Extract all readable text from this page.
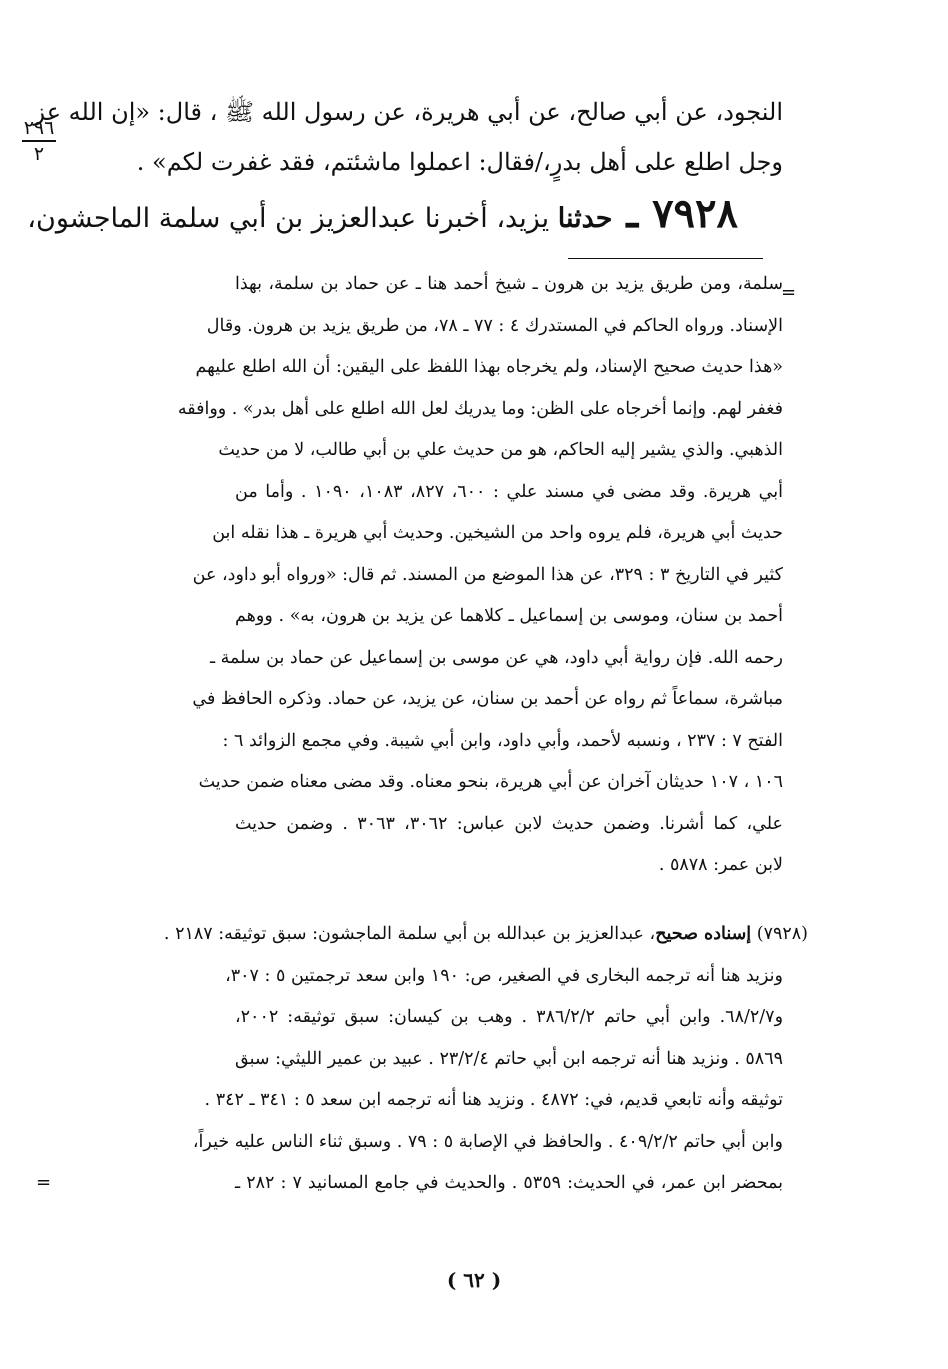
٢٩٦
٢
النجود، عن أبي صالح، عن أبي هريرة، عن رسول الله ﷺ ، قال: «إن الله عز
وجل اطلع على أهل بدرٍ،/فقال: اعملوا ماشئتم، فقد غفرت لكم» .
٧٩٢٨ ـ حدثنا يزيد، أخبرنا عبدالعزيز بن أبي سلمة الماجشون،
=
سلمة، ومن طريق يزيد بن هرون ـ شيخ أحمد هنا ـ عن حماد بن سلمة، بهذا
الإسناد. ورواه الحاكم في المستدرك ٤ : ٧٧ ـ ٧٨، من طريق يزيد بن هرون. وقال
«هذا حديث صحيح الإسناد، ولم يخرجاه بهذا اللفظ على اليقين: أن الله اطلع عليهم
فغفر لهم. وإنما أخرجاه على الظن: وما يدريك لعل الله اطلع على أهل بدر» . ووافقه
الذهبي. والذي يشير إليه الحاكم، هو من حديث علي بن أبي طالب، لا من حديث
أبي هريرة. وقد مضى في مسند علي : ٦٠٠، ٨٢٧، ١٠٨٣، ١٠٩٠ . وأما من
حديث أبي هريرة، فلم يروه واحد من الشيخين. وحديث أبي هريرة ـ هذا نقله ابن
كثير في التاريخ ٣ : ٣٢٩، عن هذا الموضع من المسند. ثم قال: «ورواه أبو داود، عن
أحمد بن سنان، وموسى بن إسماعيل ـ كلاهما عن يزيد بن هرون، به» . ووهم
رحمه الله. فإن رواية أبي داود، هي عن موسى بن إسماعيل عن حماد بن سلمة ـ
مباشرة، سماعاً ثم رواه عن أحمد بن سنان، عن يزيد، عن حماد. وذكره الحافظ في
الفتح ٧ : ٢٣٧ ، ونسبه لأحمد، وأبي داود، وابن أبي شيبة. وفي مجمع الزوائد ٦ :
١٠٦ ، ١٠٧ حديثان آخران عن أبي هريرة، بنحو معناه. وقد مضى معناه ضمن حديث
علي، كما أشرنا. وضمن حديث لابن عباس: ٣٠٦٢، ٣٠٦٣ . وضمن حديث
لابن عمر: ٥٨٧٨ .
(٧٩٢٨) إسناده صحيح، عبدالعزيز بن عبدالله بن أبي سلمة الماجشون: سبق توثيقه: ٢١٨٧ .
ونزيد هنا أنه ترجمه البخارى في الصغير، ص: ١٩٠ وابن سعد ترجمتين ٥ : ٣٠٧،
و٦٨/٢/٧. وابن أبي حاتم ٣٨٦/٢/٢ . وهب بن كيسان: سبق توثيقه: ٢٠٠٢،
٥٨٦٩ . ونزيد هنا أنه ترجمه ابن أبي حاتم ٢٣/٢/٤ . عبيد بن عمير الليثي: سبق
توثيقه وأنه تابعي قديم، في: ٤٨٧٢ . ونزيد هنا أنه ترجمه ابن سعد ٥ : ٣٤١ ـ ٣٤٢ .
وابن أبي حاتم ٤٠٩/٢/٢ . والحافظ في الإصابة ٥ : ٧٩ . وسبق ثناء الناس عليه خيراً،
بمحضر ابن عمر، في الحديث: ٥٣٥٩ . والحديث في جامع المسانيد ٧ : ٢٨٢ ـ
=
( ٦٢ )
